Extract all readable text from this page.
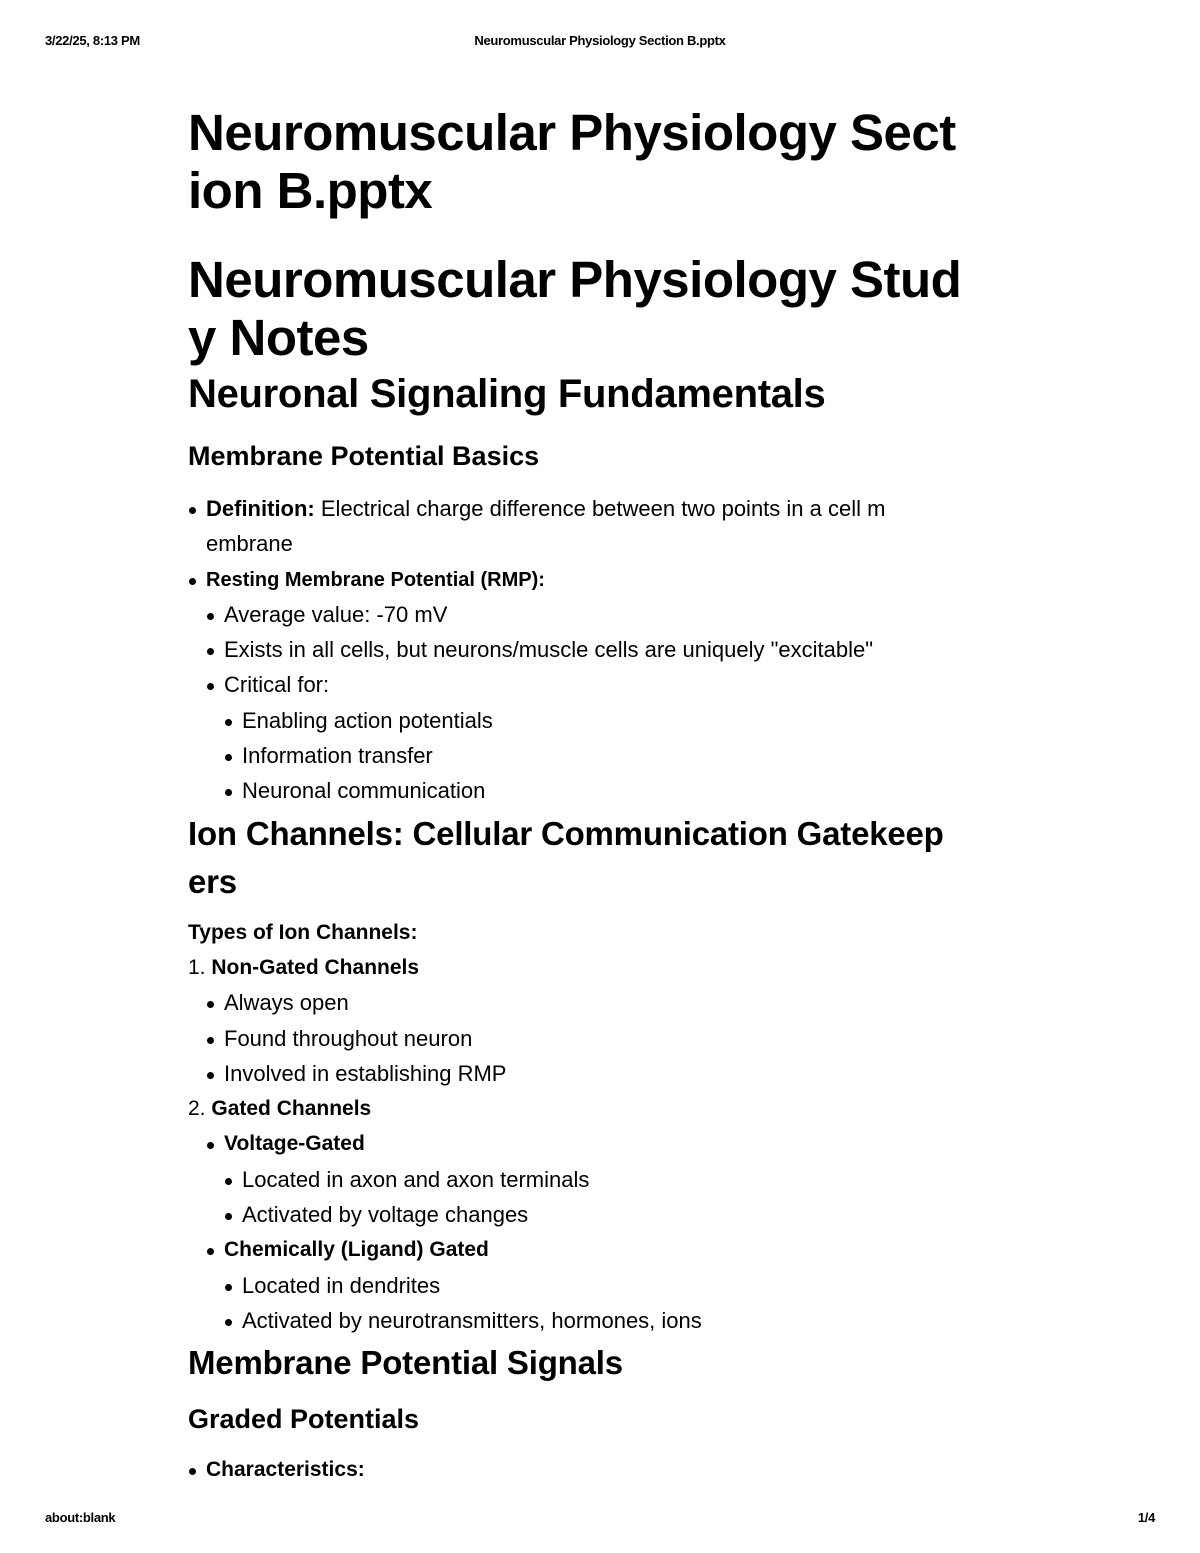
3/22/25, 8:13 PM	Neuromuscular Physiology Section B.pptx
Neuromuscular Physiology Sect
ion B.pptx
Neuromuscular Physiology Stud
y Notes
Neuronal Signaling Fundamentals
Membrane Potential Basics
Definition: Electrical charge difference between two points in a cell m
embrane
Resting Membrane Potential (RMP):
Average value: -70 mV
Exists in all cells, but neurons/muscle cells are uniquely "excitable"
Critical for:
Enabling action potentials
Information transfer
Neuronal communication
Ion Channels: Cellular Communication Gatekeep
ers
Types of Ion Channels:
1. Non-Gated Channels
Always open
Found throughout neuron
Involved in establishing RMP
2. Gated Channels
Voltage-Gated
Located in axon and axon terminals
Activated by voltage changes
Chemically (Ligand) Gated
Located in dendrites
Activated by neurotransmitters, hormones, ions
Membrane Potential Signals
Graded Potentials
Characteristics:
about:blank	1/4
